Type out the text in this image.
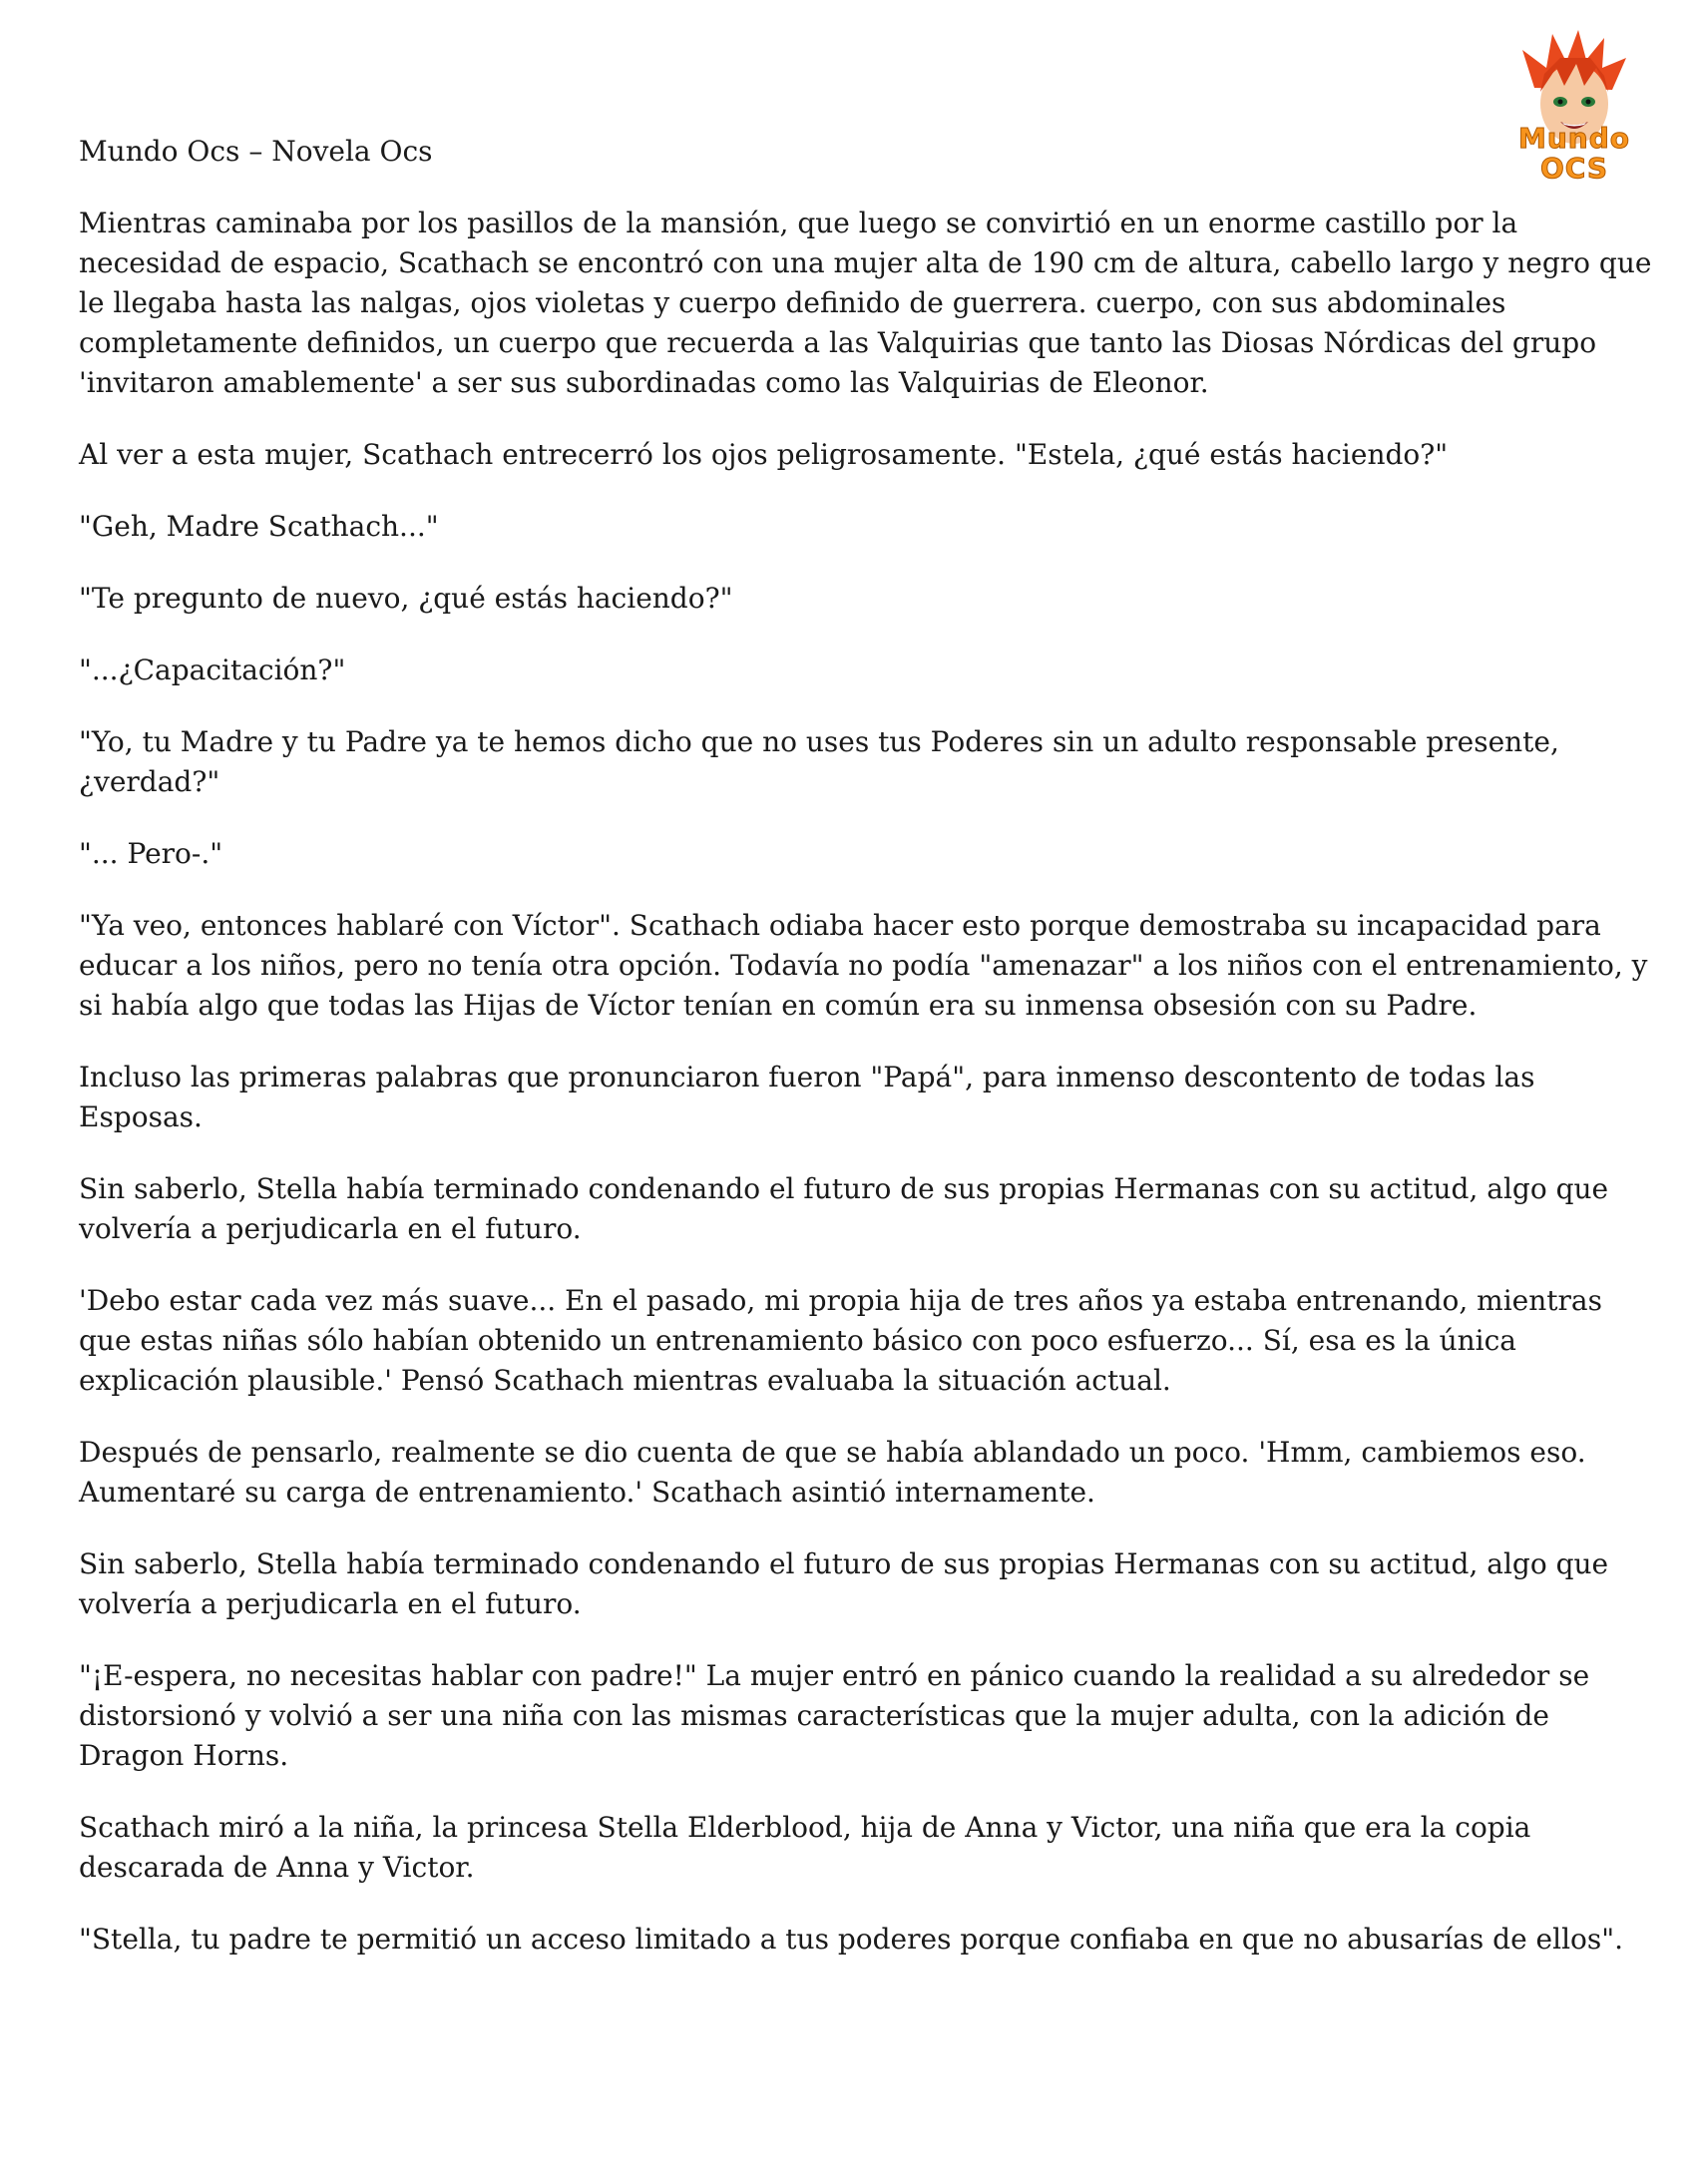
Mundo OCS
Mundo Ocs – Novela Ocs

Mientras caminaba por los pasillos de la mansión, que luego se convirtió en un enorme castillo por la necesidad de espacio, Scathach se encontró con una mujer alta de 190 cm de altura, cabello largo y negro que le llegaba hasta las nalgas, ojos violetas y cuerpo definido de guerrera. cuerpo, con sus abdominales completamente definidos, un cuerpo que recuerda a las Valquirias que tanto las Diosas Nórdicas del grupo 'invitaron amablemente' a ser sus subordinadas como las Valquirias de Eleonor.

Al ver a esta mujer, Scathach entrecerró los ojos peligrosamente. "Estela, ¿qué estás haciendo?"

"Geh, Madre Scathach..."

"Te pregunto de nuevo, ¿qué estás haciendo?"

"...¿Capacitación?"

"Yo, tu Madre y tu Padre ya te hemos dicho que no uses tus Poderes sin un adulto responsable presente, ¿verdad?"

"... Pero-."

"Ya veo, entonces hablaré con Víctor". Scathach odiaba hacer esto porque demostraba su incapacidad para educar a los niños, pero no tenía otra opción. Todavía no podía "amenazar" a los niños con el entrenamiento, y si había algo que todas las Hijas de Víctor tenían en común era su inmensa obsesión con su Padre.

Incluso las primeras palabras que pronunciaron fueron "Papá", para inmenso descontento de todas las Esposas.

Sin saberlo, Stella había terminado condenando el futuro de sus propias Hermanas con su actitud, algo que volvería a perjudicarla en el futuro.

'Debo estar cada vez más suave... En el pasado, mi propia hija de tres años ya estaba entrenando, mientras que estas niñas sólo habían obtenido un entrenamiento básico con poco esfuerzo... Sí, esa es la única explicación plausible.' Pensó Scathach mientras evaluaba la situación actual.

Después de pensarlo, realmente se dio cuenta de que se había ablandado un poco. 'Hmm, cambiemos eso. Aumentaré su carga de entrenamiento.' Scathach asintió internamente.

Sin saberlo, Stella había terminado condenando el futuro de sus propias Hermanas con su actitud, algo que volvería a perjudicarla en el futuro.

"¡E-espera, no necesitas hablar con padre!" La mujer entró en pánico cuando la realidad a su alrededor se distorsionó y volvió a ser una niña con las mismas características que la mujer adulta, con la adición de Dragon Horns.

Scathach miró a la niña, la princesa Stella Elderblood, hija de Anna y Victor, una niña que era la copia descarada de Anna y Victor.

"Stella, tu padre te permitió un acceso limitado a tus poderes porque confiaba en que no abusarías de ellos".
